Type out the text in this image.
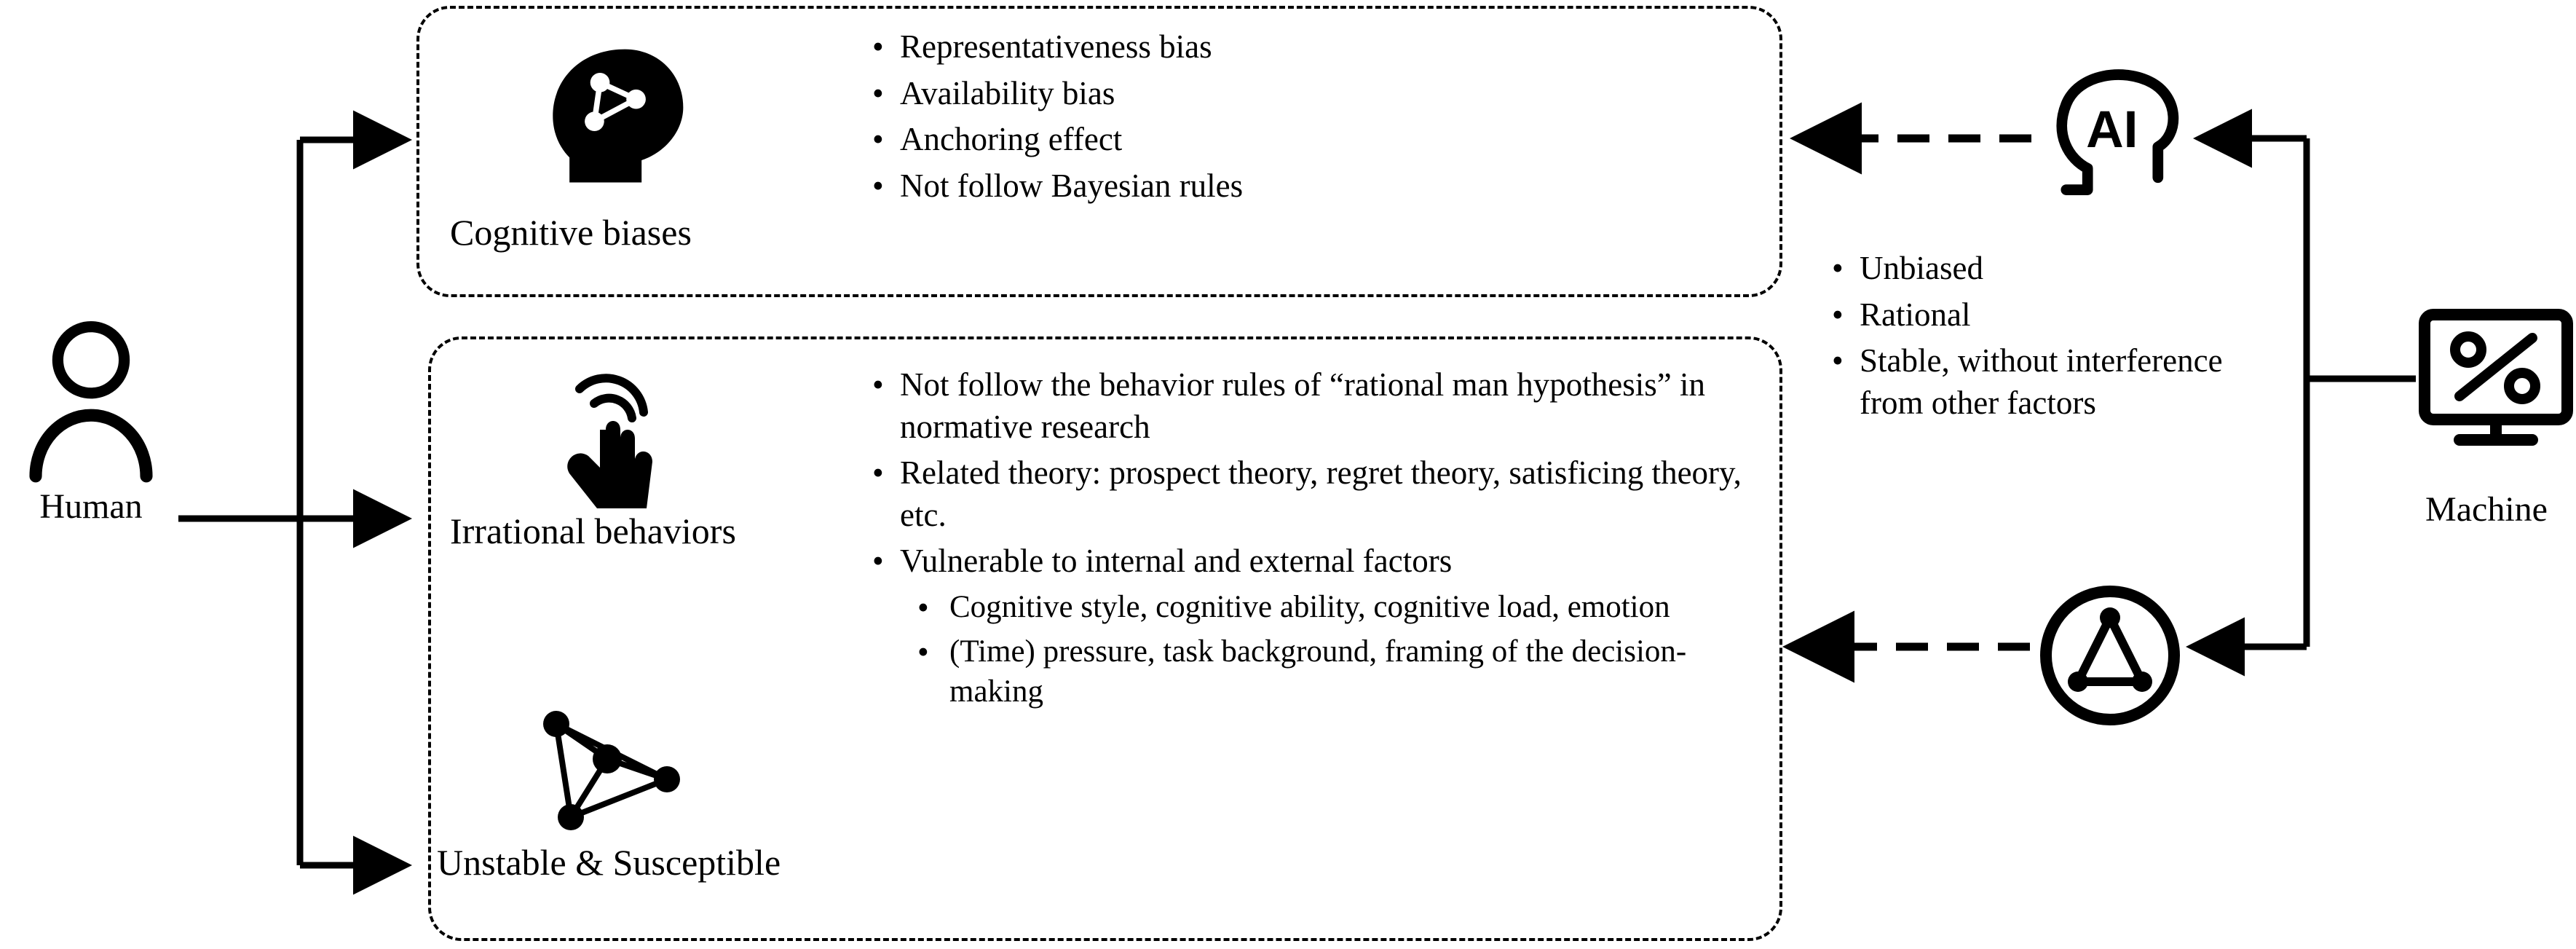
Human
Cognitive biases
• Representativeness bias
• Availability bias
• Anchoring effect
• Not follow Bayesian rules
Irrational behaviors
• Not follow the behavior rules of “rational man hypothesis” in normative research
• Related theory: prospect theory, regret theory, satisficing theory, etc.
• Vulnerable to internal and external factors
• Cognitive style, cognitive ability, cognitive load, emotion
• (Time) pressure, task background, framing of the decision-making
Unstable & Susceptible
AI
Machine
• Unbiased
• Rational
• Stable, without interference from other factors
